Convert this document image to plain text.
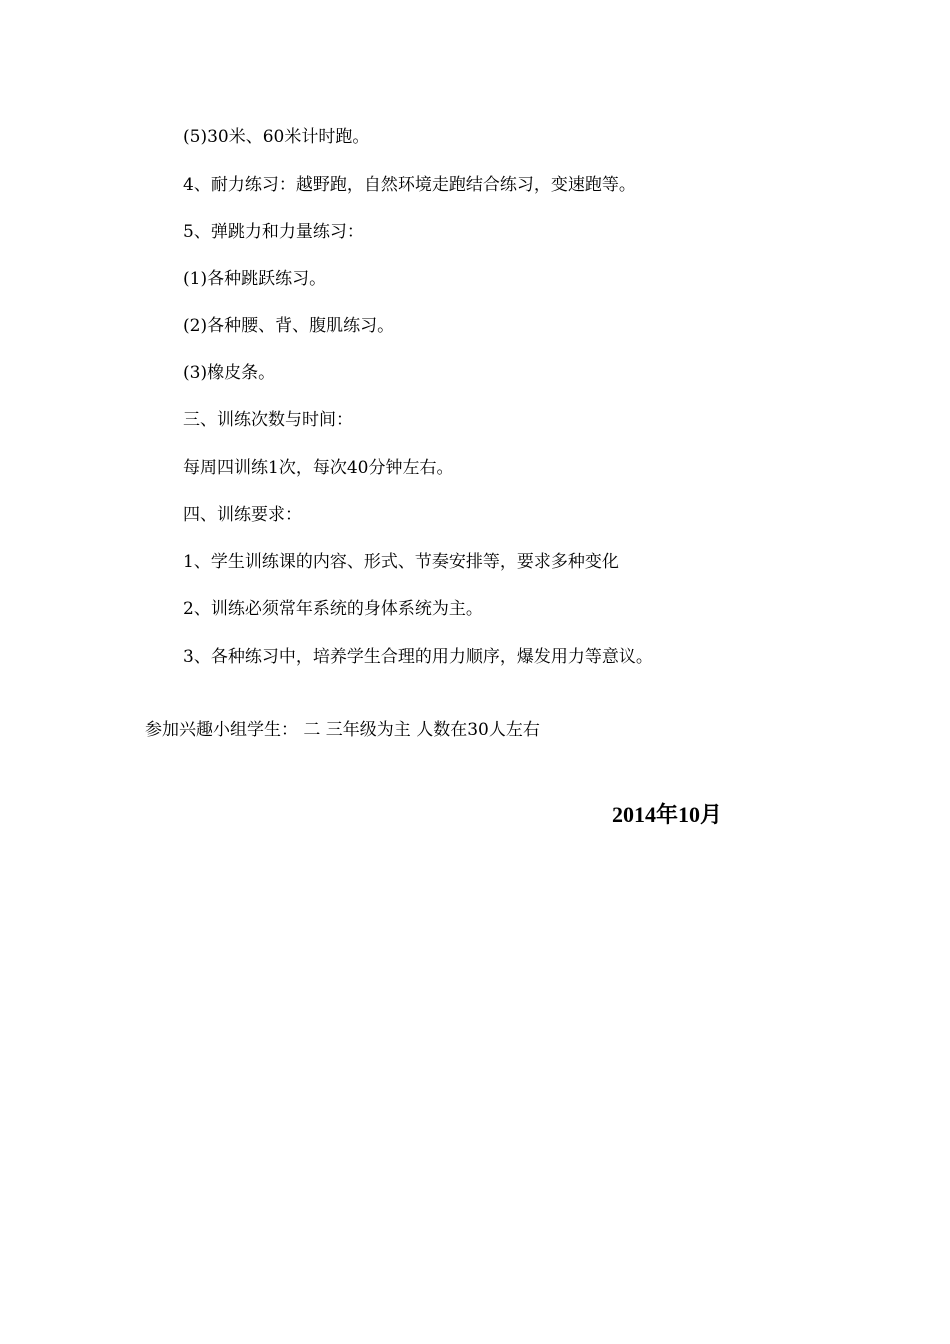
(5)30米、60米计时跑。
4、耐力练习：越野跑，自然环境走跑结合练习，变速跑等。
5、弹跳力和力量练习：
(1)各种跳跃练习。
(2)各种腰、背、腹肌练习。
(3)橡皮条。
三、训练次数与时间：
每周四训练1次，每次40分钟左右。
四、训练要求：
1、学生训练课的内容、形式、节奏安排等，要求多种变化
2、训练必须常年系统的身体系统为主。
3、各种练习中，培养学生合理的用力顺序，爆发用力等意议。
参加兴趣小组学生： 二 三年级为主 人数在30人左右
2014年10月
